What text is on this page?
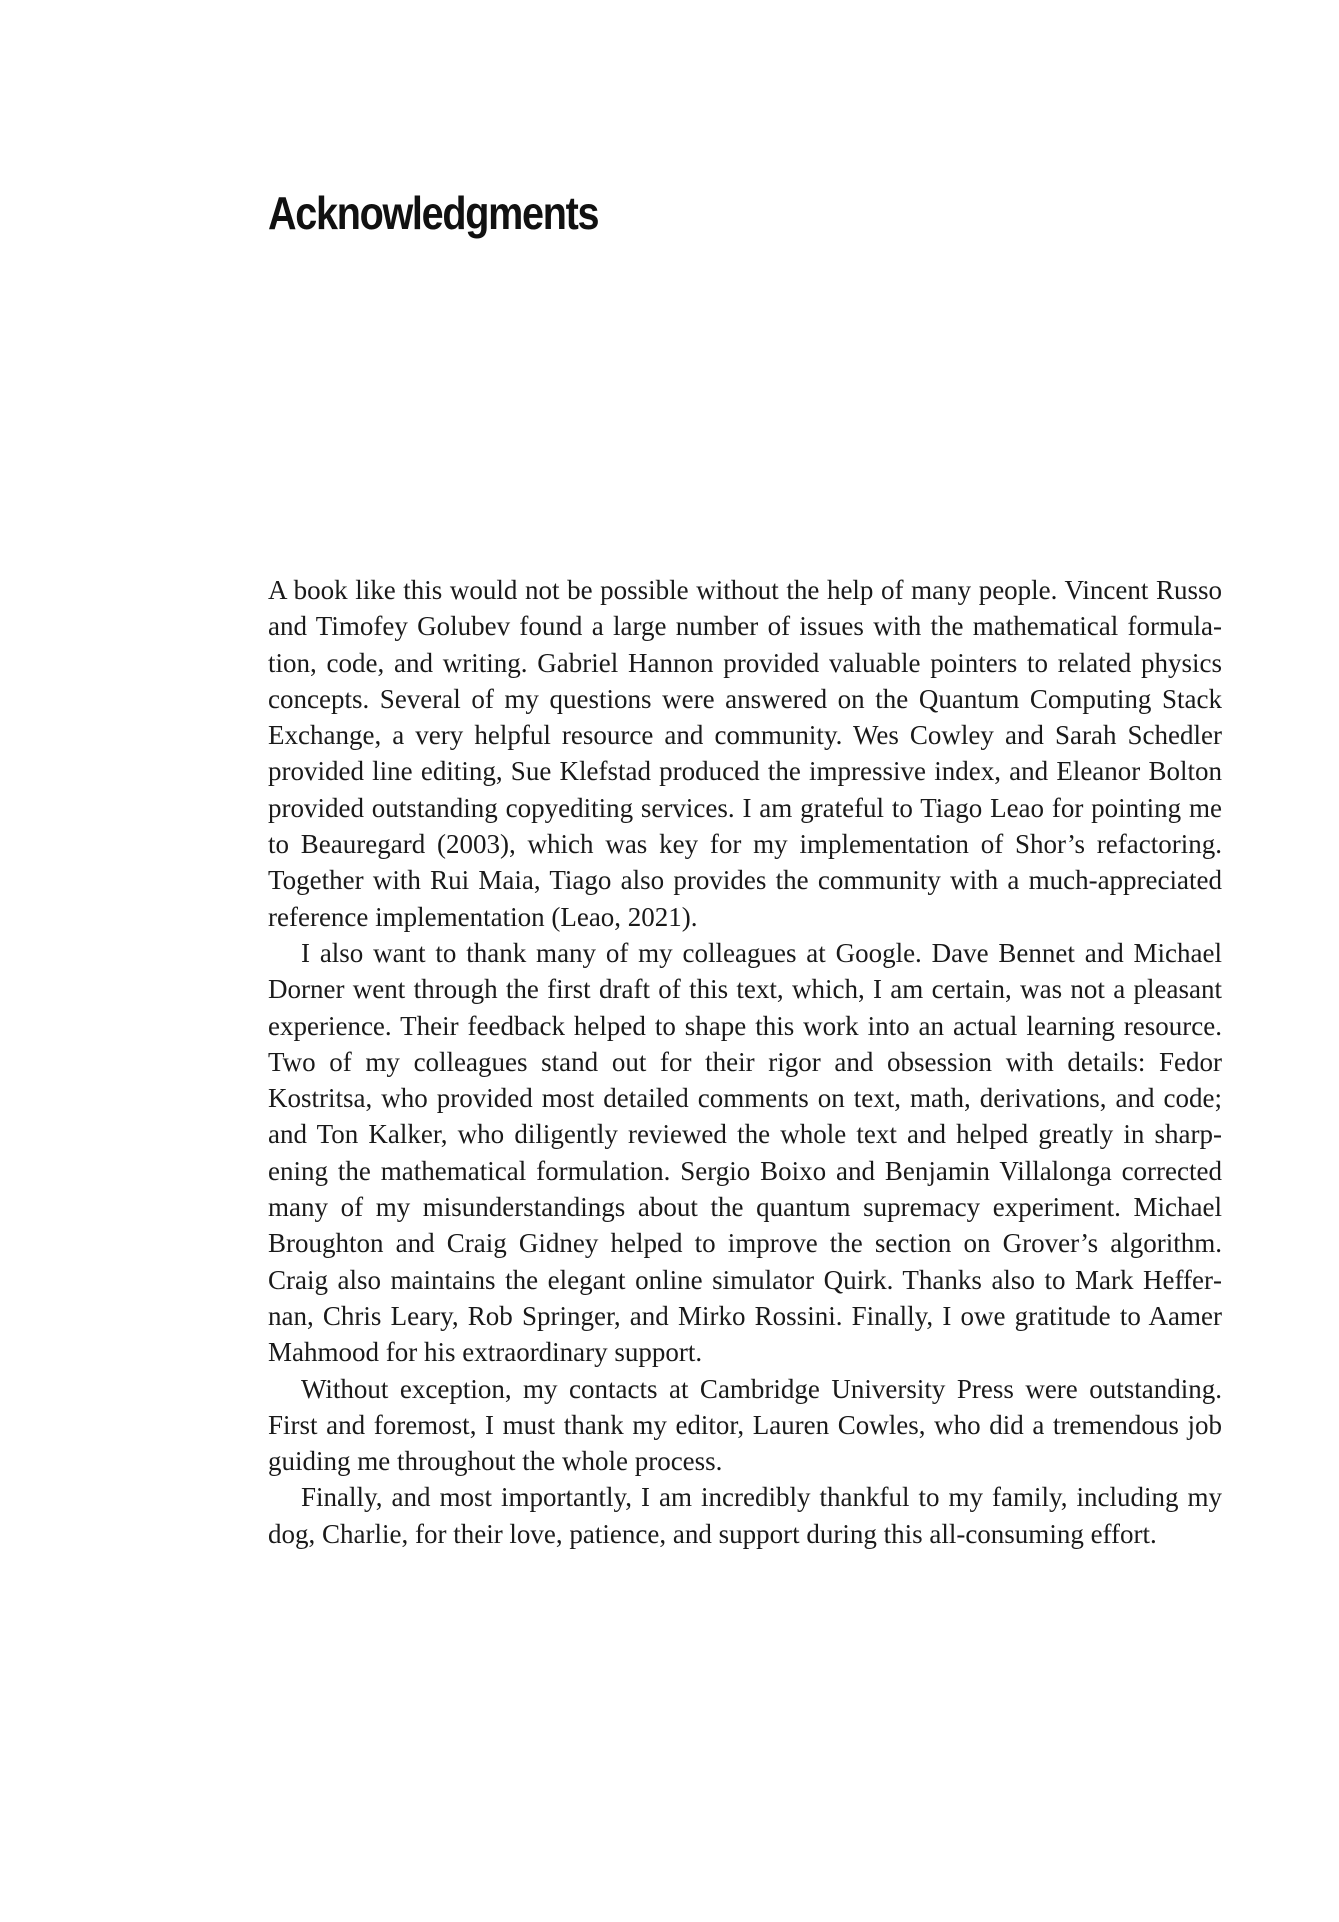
Acknowledgments

A book like this would not be possible without the help of many people. Vincent Russo and Timofey Golubev found a large number of issues with the mathematical formulation, code, and writing. Gabriel Hannon provided valuable pointers to related physics concepts. Several of my questions were answered on the Quantum Computing Stack Exchange, a very helpful resource and community. Wes Cowley and Sarah Schedler provided line editing, Sue Klefstad produced the impressive index, and Eleanor Bolton provided outstanding copyediting services. I am grateful to Tiago Leao for pointing me to Beauregard (2003), which was key for my implementation of Shor’s refactoring. Together with Rui Maia, Tiago also provides the community with a much-appreciated reference implementation (Leao, 2021).

I also want to thank many of my colleagues at Google. Dave Bennet and Michael Dorner went through the first draft of this text, which, I am certain, was not a pleasant experience. Their feedback helped to shape this work into an actual learning resource. Two of my colleagues stand out for their rigor and obsession with details: Fedor Kostritsa, who provided most detailed comments on text, math, derivations, and code; and Ton Kalker, who diligently reviewed the whole text and helped greatly in sharpening the mathematical formulation. Sergio Boixo and Benjamin Villalonga corrected many of my misunderstandings about the quantum supremacy experiment. Michael Broughton and Craig Gidney helped to improve the section on Grover’s algorithm. Craig also maintains the elegant online simulator Quirk. Thanks also to Mark Heffernan, Chris Leary, Rob Springer, and Mirko Rossini. Finally, I owe gratitude to Aamer Mahmood for his extraordinary support.

Without exception, my contacts at Cambridge University Press were outstanding. First and foremost, I must thank my editor, Lauren Cowles, who did a tremendous job guiding me throughout the whole process.

Finally, and most importantly, I am incredibly thankful to my family, including my dog, Charlie, for their love, patience, and support during this all-consuming effort.
